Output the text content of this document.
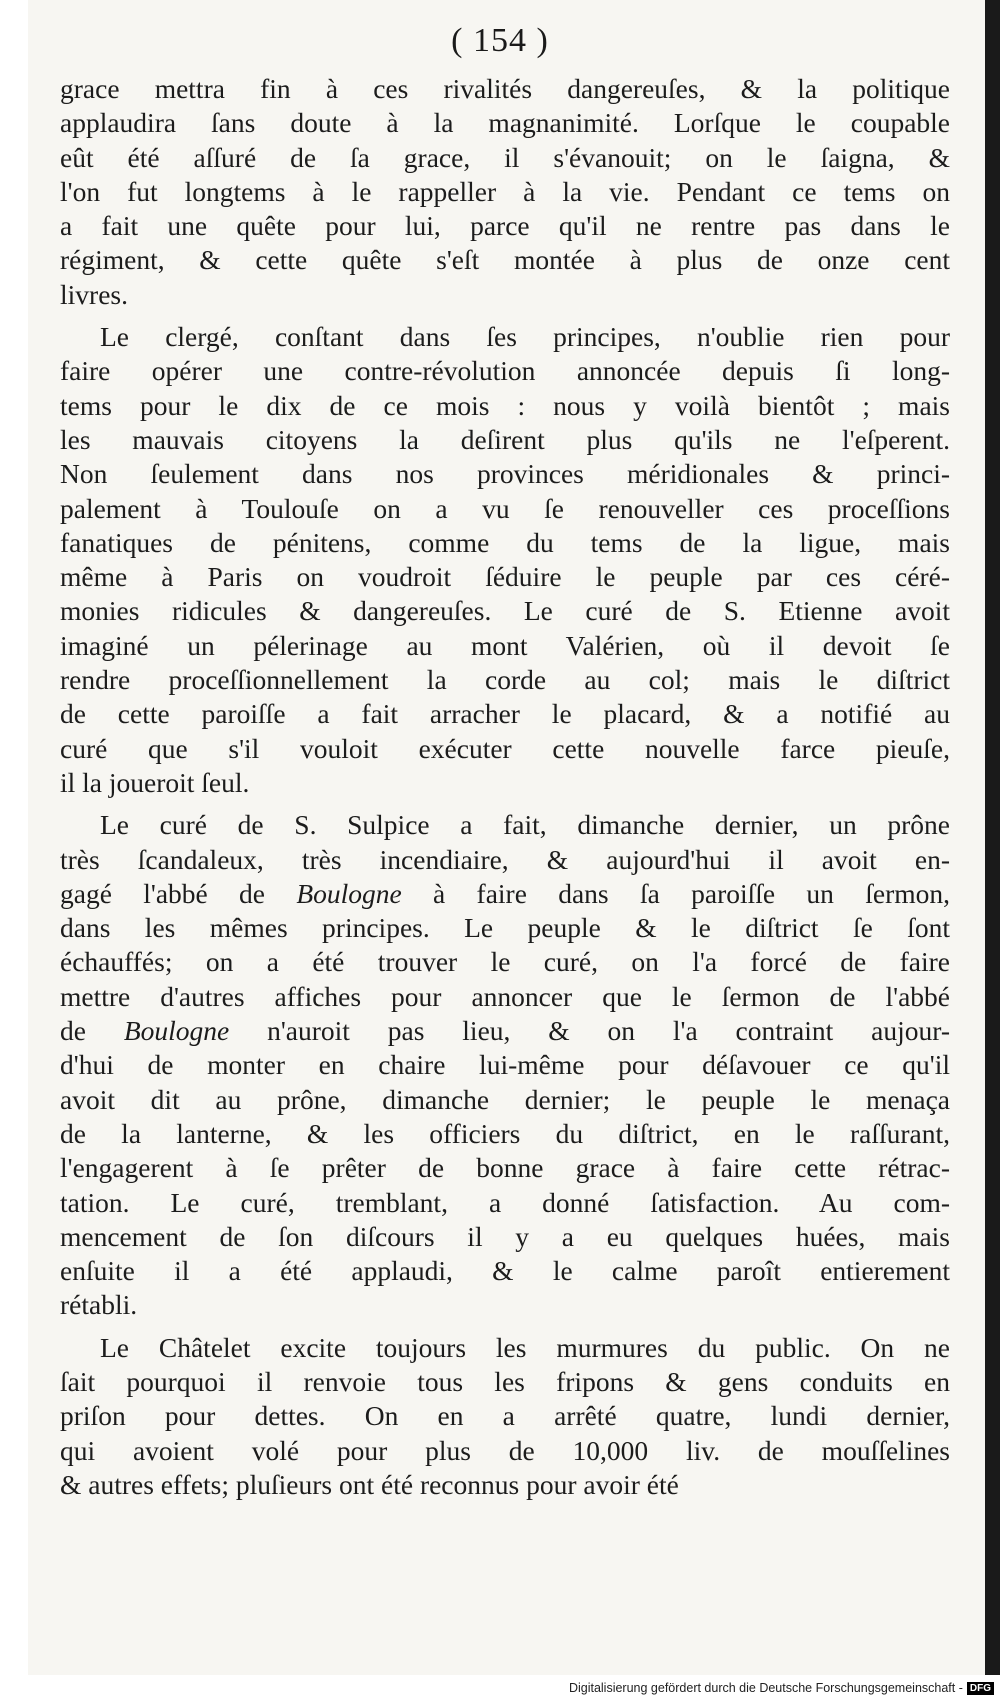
( 154 )
grace mettra fin à ces rivalités dangereuſes, & la politique
applaudira ſans doute à la magnanimité. Lorſque le coupable
eût été aſſuré de ſa grace, il s'évanouit; on le ſaigna, &
l'on fut longtems à le rappeller à la vie. Pendant ce tems on
a fait une quête pour lui, parce qu'il ne rentre pas dans le
régiment, & cette quête s'eſt montée à plus de onze cent
livres.
Le clergé, conſtant dans ſes principes, n'oublie rien pour
faire opérer une contre-révolution annoncée depuis ſi long-
tems pour le dix de ce mois : nous y voilà bientôt ; mais
les mauvais citoyens la deſirent plus qu'ils ne l'eſperent.
Non ſeulement dans nos provinces méridionales & princi-
palement à Toulouſe on a vu ſe renouveller ces proceſſions
fanatiques de pénitens, comme du tems de la ligue, mais
même à Paris on voudroit ſéduire le peuple par ces céré-
monies ridicules & dangereuſes. Le curé de S. Etienne avoit
imaginé un pélerinage au mont Valérien, où il devoit ſe
rendre proceſſionnellement la corde au col; mais le diſtrict
de cette paroiſſe a fait arracher le placard, & a notifié au
curé que s'il vouloit exécuter cette nouvelle farce pieuſe,
il la joueroit ſeul.
Le curé de S. Sulpice a fait, dimanche dernier, un prône
très ſcandaleux, très incendiaire, & aujourd'hui il avoit en-
gagé l'abbé de Boulogne à faire dans ſa paroiſſe un ſermon,
dans les mêmes principes. Le peuple & le diſtrict ſe ſont
échauffés; on a été trouver le curé, on l'a forcé de faire
mettre d'autres affiches pour annoncer que le ſermon de l'abbé
de Boulogne n'auroit pas lieu, & on l'a contraint aujour-
d'hui de monter en chaire lui-même pour déſavouer ce qu'il
avoit dit au prône, dimanche dernier; le peuple le menaça
de la lanterne, & les officiers du diſtrict, en le raſſurant,
l'engagerent à ſe prêter de bonne grace à faire cette rétrac-
tation. Le curé, tremblant, a donné ſatisfaction. Au com-
mencement de ſon diſcours il y a eu quelques huées, mais
enſuite il a été applaudi, & le calme paroît entierement
rétabli.
Le Châtelet excite toujours les murmures du public. On ne
ſait pourquoi il renvoie tous les fripons & gens conduits en
priſon pour dettes. On en a arrêté quatre, lundi dernier,
qui avoient volé pour plus de 10,000 liv. de mouſſelines
& autres effets; pluſieurs ont été reconnus pour avoir été
Digitalisierung gefördert durch die Deutsche Forschungsgemeinschaft - DFG
